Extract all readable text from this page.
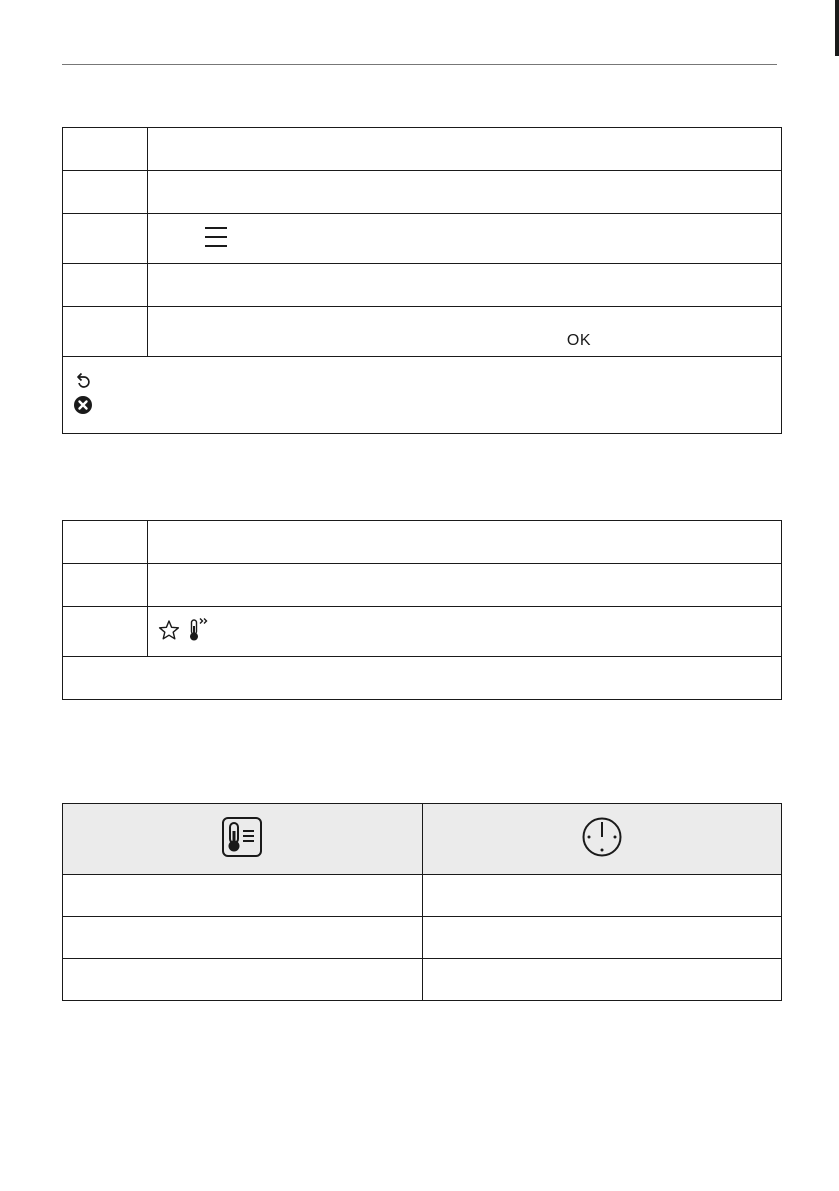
	OK
